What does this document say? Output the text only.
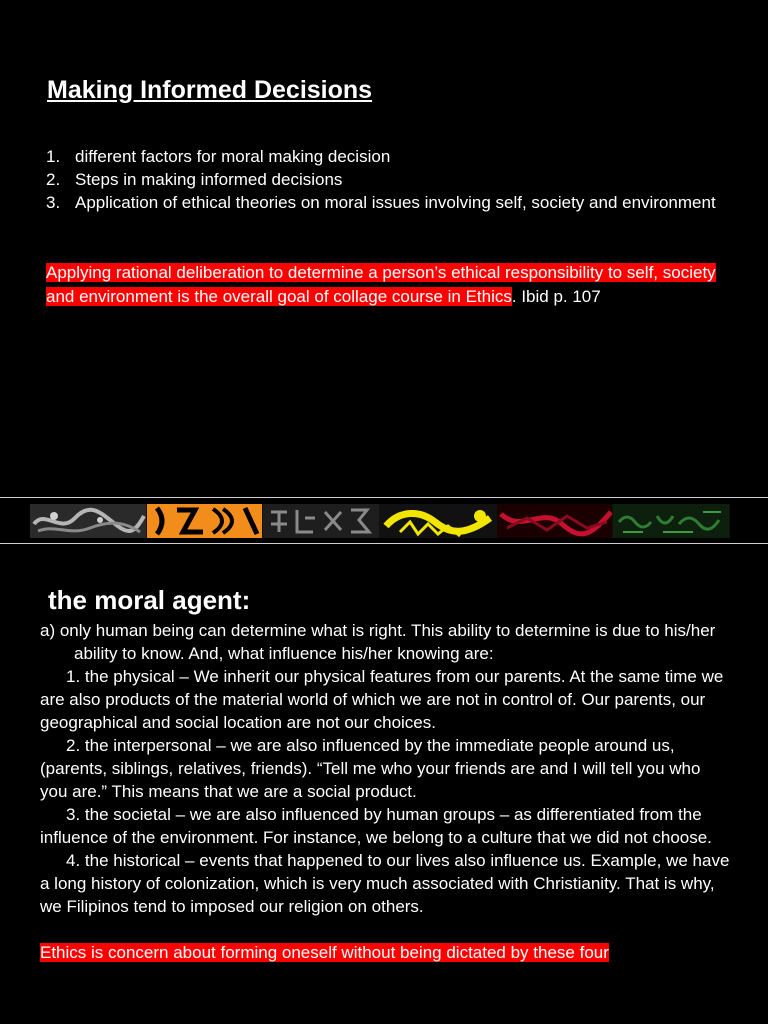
Making Informed Decisions
1. different factors for moral making decision
2. Steps in making informed decisions
3. Application of ethical theories on moral issues involving self, society and environment

Applying rational deliberation to determine a person’s ethical responsibility to self, society and environment is the overall goal of collage course in Ethics. Ibid p. 107

the moral agent:

a) only human being can determine what is right. This ability to determine is due to his/her ability to know. And, what influence his/her knowing are:

1. the physical – We inherit our physical features from our parents. At the same time we are also products of the material world of which we are not in control of. Our parents, our geographical and social location are not our choices.

2. the interpersonal – we are also influenced by the immediate people around us, (parents, siblings, relatives, friends). “Tell me who your friends are and I will tell you who you are.” This means that we are a social product.

3. the societal – we are also influenced by human groups – as differentiated from the influence of the environment. For instance, we belong to a culture that we did not choose.

4. the historical – events that happened to our lives also influence us. Example, we have a long history of colonization, which is very much associated with Christianity. That is why, we Filipinos tend to imposed our religion on others.

Ethics is concern about forming oneself without being dictated by these four
